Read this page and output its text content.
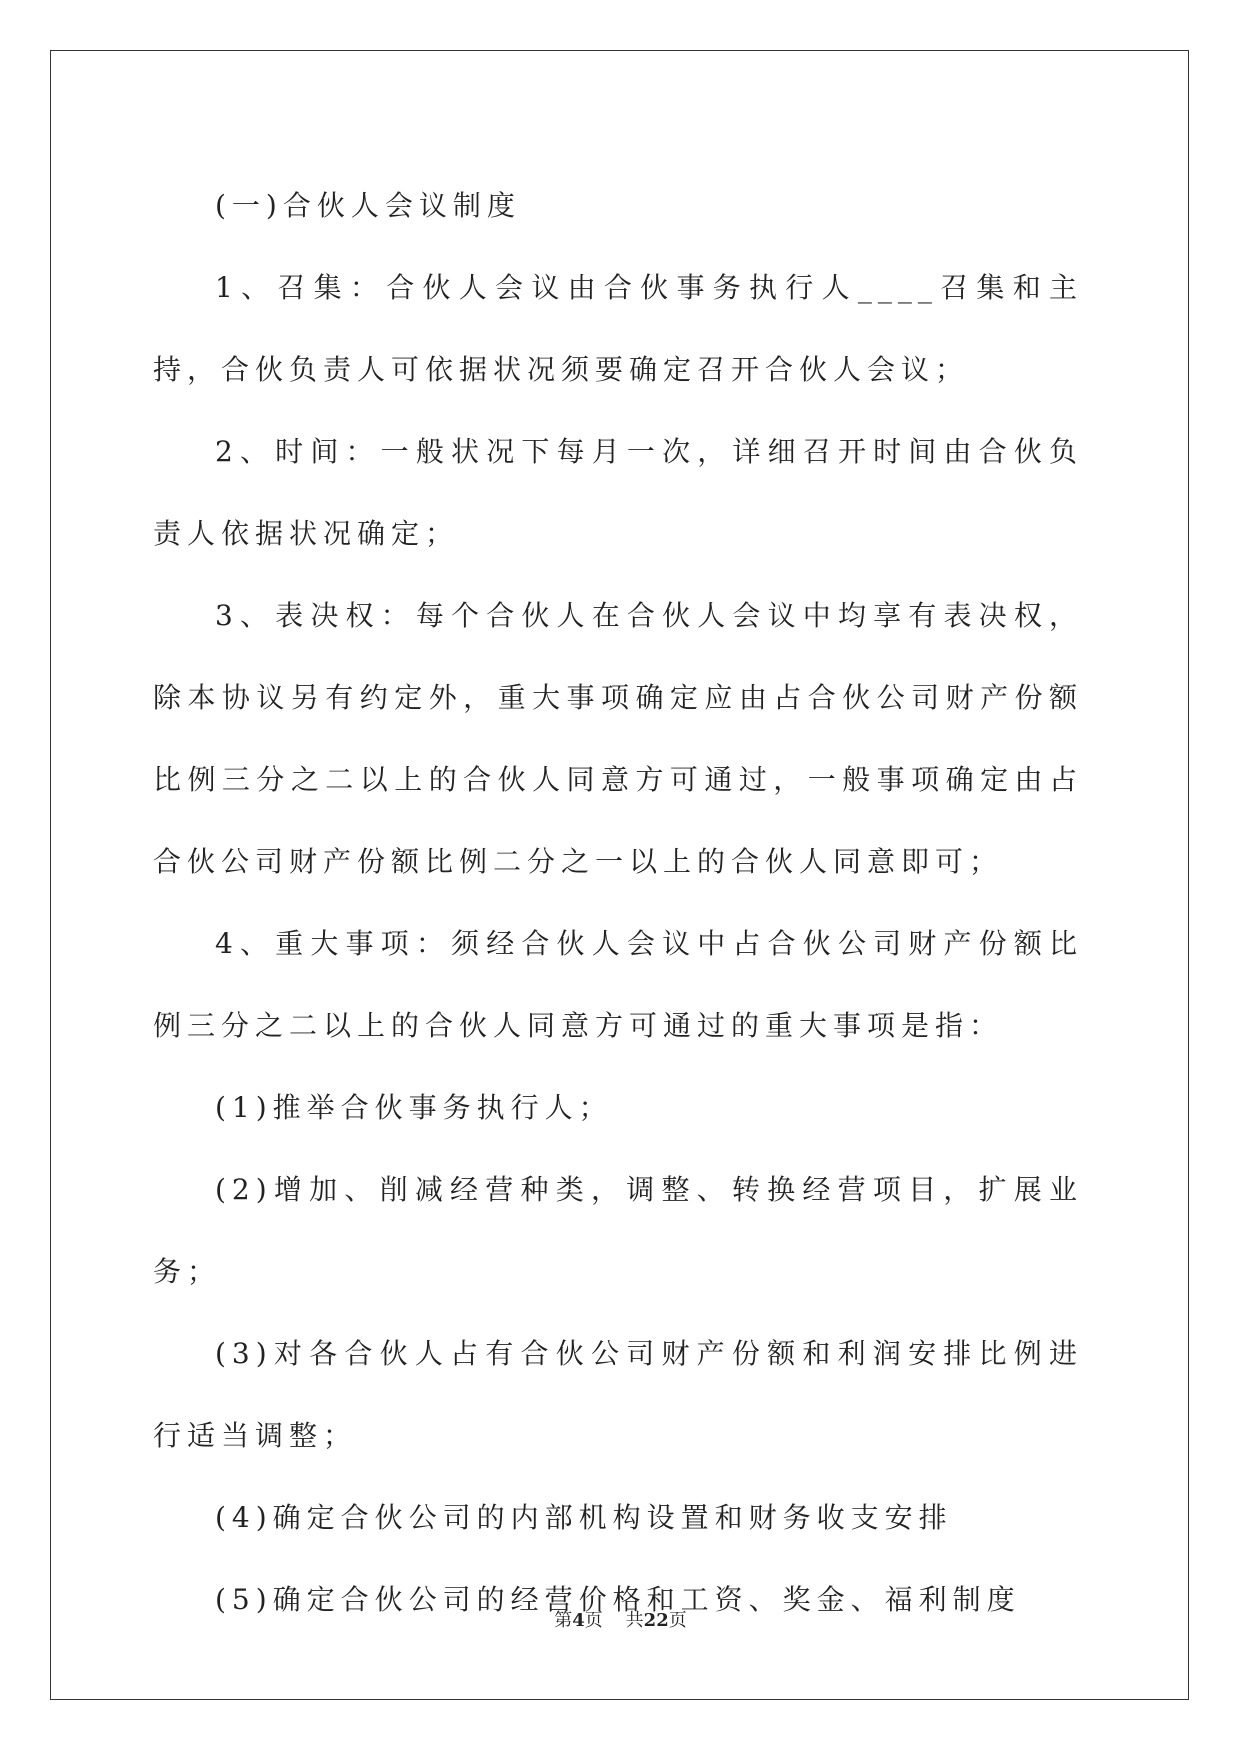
(一)合伙人会议制度

1、召集：合伙人会议由合伙事务执行人____召集和主持，合伙负责人可依据状况须要确定召开合伙人会议；

2、时间：一般状况下每月一次，详细召开时间由合伙负责人依据状况确定；

3、表决权：每个合伙人在合伙人会议中均享有表决权，除本协议另有约定外，重大事项确定应由占合伙公司财产份额比例三分之二以上的合伙人同意方可通过，一般事项确定由占合伙公司财产份额比例二分之一以上的合伙人同意即可；

4、重大事项：须经合伙人会议中占合伙公司财产份额比例三分之二以上的合伙人同意方可通过的重大事项是指：

(1)推举合伙事务执行人；

(2)增加、削减经营种类，调整、转换经营项目，扩展业务；

(3)对各合伙人占有合伙公司财产份额和利润安排比例进行适当调整；

(4)确定合伙公司的内部机构设置和财务收支安排

(5)确定合伙公司的经营价格和工资、奖金、福利制度

第4页 共22页
